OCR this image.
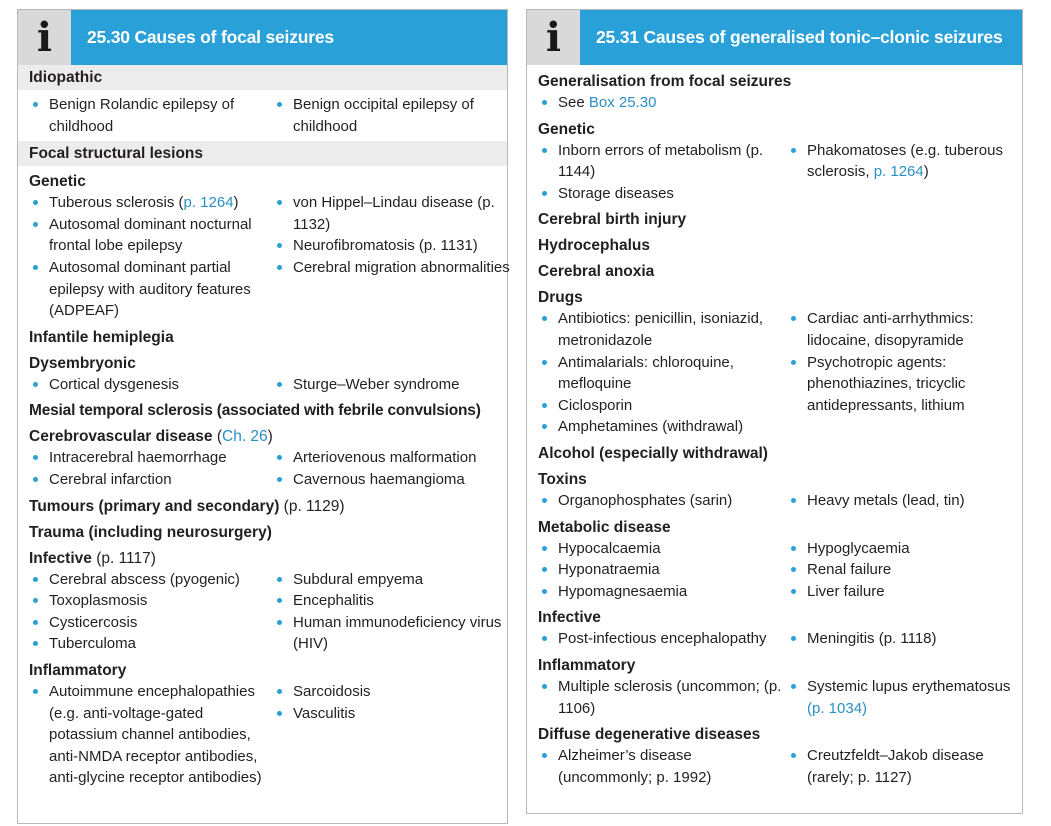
i	25.30 Causes of focal seizures
Idiopathic
Benign Rolandic epilepsy of childhood
Benign occipital epilepsy of childhood
Focal structural lesions
Genetic
Tuberous sclerosis (p. 1264)
Autosomal dominant nocturnal frontal lobe epilepsy
Autosomal dominant partial epilepsy with auditory features (ADPEAF)
von Hippel–Lindau disease (p. 1132)
Neurofibromatosis (p. 1131)
Cerebral migration abnormalities
Infantile hemiplegia
Dysembryonic
Cortical dysgenesis	Sturge–Weber syndrome
Mesial temporal sclerosis (associated with febrile convulsions)
Cerebrovascular disease (Ch. 26)
Intracerebral haemorrhage
Cerebral infarction
Arteriovenous malformation
Cavernous haemangioma
Tumours (primary and secondary) (p. 1129)
Trauma (including neurosurgery)
Infective (p. 1117)
Cerebral abscess (pyogenic)
Toxoplasmosis
Cysticercosis
Tuberculoma
Subdural empyema
Encephalitis
Human immunodeficiency virus (HIV)
Inflammatory
Autoimmune encephalopathies (e.g. anti-voltage-gated potassium channel antibodies, anti-NMDA receptor antibodies, anti-glycine receptor antibodies)
Sarcoidosis
Vasculitis
i	25.31 Causes of generalised tonic–clonic seizures
Generalisation from focal seizures
See Box 25.30
Genetic
Inborn errors of metabolism (p. 1144)
Storage diseases
Phakomatoses (e.g. tuberous sclerosis, p. 1264)
Cerebral birth injury
Hydrocephalus
Cerebral anoxia
Drugs
Antibiotics: penicillin, isoniazid, metronidazole
Antimalarials: chloroquine, mefloquine
Ciclosporin
Amphetamines (withdrawal)
Cardiac anti-arrhythmics: lidocaine, disopyramide
Psychotropic agents: phenothiazines, tricyclic antidepressants, lithium
Alcohol (especially withdrawal)
Toxins
Organophosphates (sarin)	Heavy metals (lead, tin)
Metabolic disease
Hypocalcaemia
Hyponatraemia
Hypomagnesaemia
Hypoglycaemia
Renal failure
Liver failure
Infective
Post-infectious encephalopathy	Meningitis (p. 1118)
Inflammatory
Multiple sclerosis (uncommon; (p. 1106)
Systemic lupus erythematosus (p. 1034)
Diffuse degenerative diseases
Alzheimer’s disease (uncommonly; p. 1992)
Creutzfeldt–Jakob disease (rarely; p. 1127)
